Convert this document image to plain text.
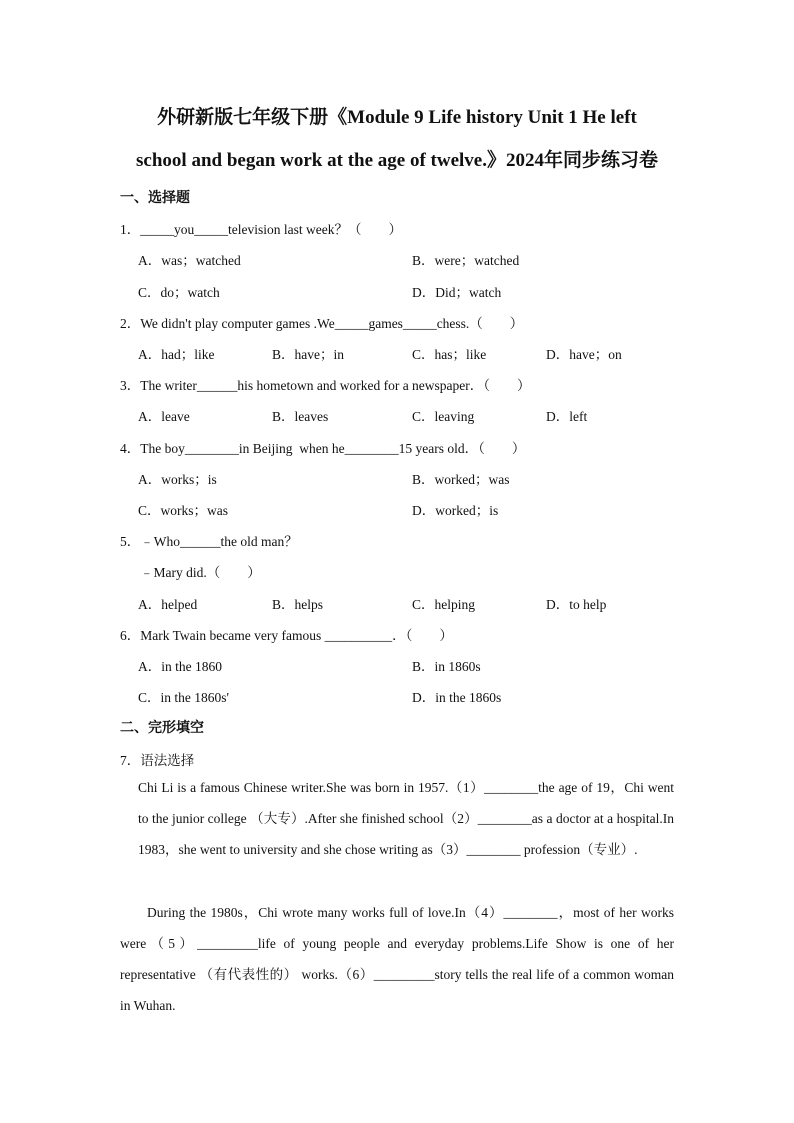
外研新版七年级下册《Module 9 Life history Unit 1 He left
school and began work at the age of twelve.》2024年同步练习卷
一、选择题
1．_____you_____television last week？（　　）
A．was；watched	B．were；watched
C．do；watch	D．Did；watch
2．We didn't play computer games .We_____games_____chess.（　　）
A．had；like	B．have；in	C．has；like	D．have；on
3．The writer______his hometown and worked for a newspaper．（　　）
A．leave	B．leaves	C．leaving	D．left
4．The boy________in Beijing  when he________15 years old．（　　）
A．works；is	B．worked；was
C．works；was	D．worked；is
5．﹣Who______the old man？
﹣Mary did.（　　）
A．helped	B．helps	C．helping	D．to help
6．Mark Twain became very famous __________．（　　）
A．in the 1860	B．in 1860s
C．in the 1860s'	D．in the 1860s
二、完形填空
7．语法选择
Chi Li is a famous Chinese writer.She was born in 1957.（1）________the age of 19，Chi went to the junior college （大专）.After she finished school（2）________as a doctor at a hospital.In 1983，she went to university and she chose writing as（3）________ profession（专业）.
During the 1980s，Chi wrote many works full of love.In（4）________，most of her works were（5）_________life of young people and everyday problems.Life Show is one of her representative （有代表性的） works.（6）_________story tells the real life of a common woman in Wuhan.
